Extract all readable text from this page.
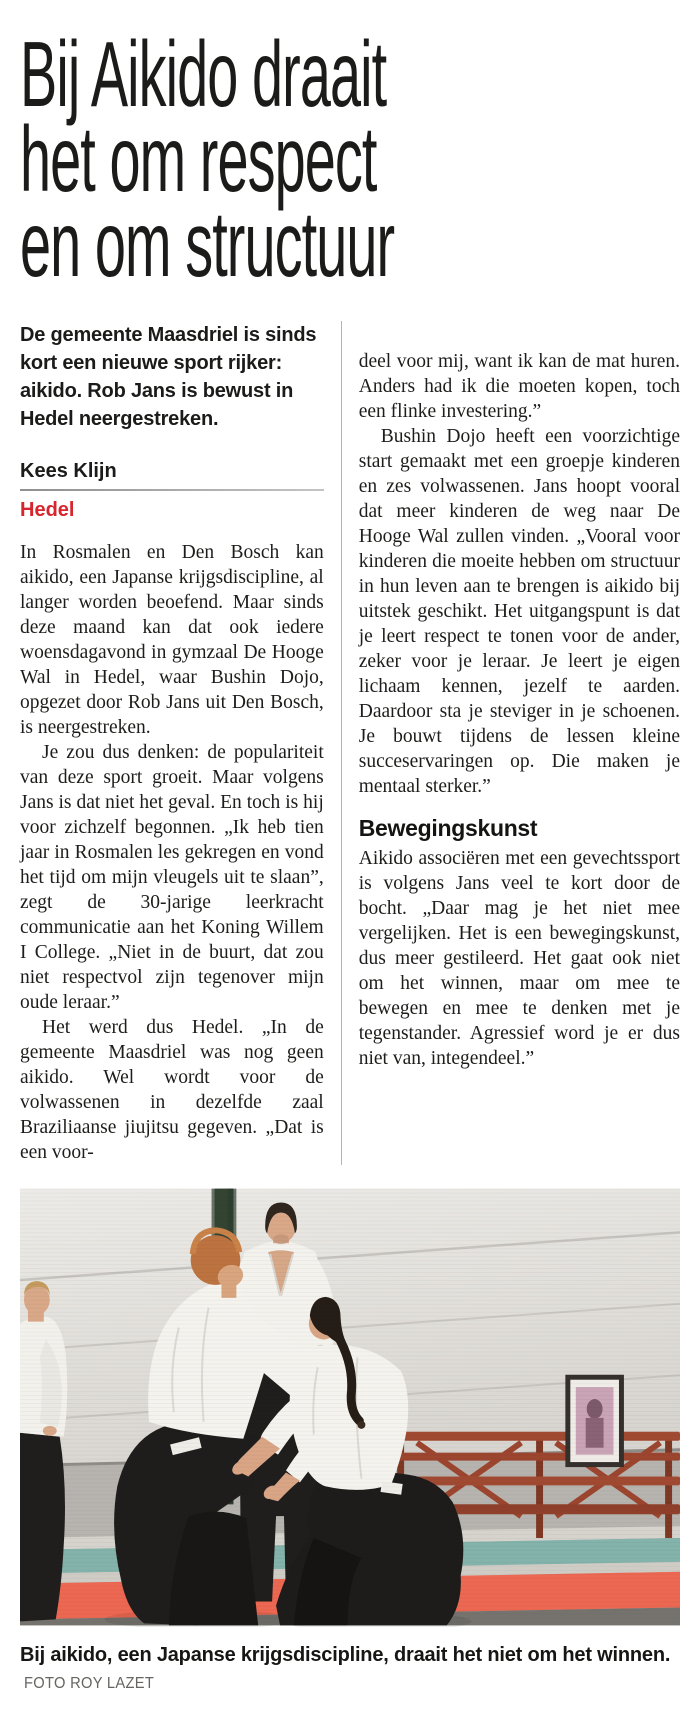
Bij Aikido draait
het om respect
en om structuur

De gemeente Maasdriel is sinds kort een nieuwe sport rijker: aikido. Rob Jans is bewust in Hedel neergestreken.

Kees Klijn
Hedel

In Rosmalen en Den Bosch kan aikido, een Japanse krijgsdiscipline, al langer worden beoefend. Maar sinds deze maand kan dat ook iedere woensdagavond in gymzaal De Hooge Wal in Hedel, waar Bushin Dojo, opgezet door Rob Jans uit Den Bosch, is neergestreken.

Je zou dus denken: de populariteit van deze sport groeit. Maar volgens Jans is dat niet het geval. En toch is hij voor zichzelf begonnen. „Ik heb tien jaar in Rosmalen les gekregen en vond het tijd om mijn vleugels uit te slaan”, zegt de 30-jarige leerkracht communicatie aan het Koning Willem I College. „Niet in de buurt, dat zou niet respectvol zijn tegenover mijn oude leraar.”

Het werd dus Hedel. „In de gemeente Maasdriel was nog geen aikido. Wel wordt voor de volwassenen in dezelfde zaal Braziliaanse jiujitsu gegeven. „Dat is een voor-

deel voor mij, want ik kan de mat huren. Anders had ik die moeten kopen, toch een flinke investering.”

Bushin Dojo heeft een voorzichtige start gemaakt met een groepje kinderen en zes volwassenen. Jans hoopt vooral dat meer kinderen de weg naar De Hooge Wal zullen vinden. „Vooral voor kinderen die moeite hebben om structuur in hun leven aan te brengen is aikido bij uitstek geschikt. Het uitgangspunt is dat je leert respect te tonen voor de ander, zeker voor je leraar. Je leert je eigen lichaam kennen, jezelf te aarden. Daardoor sta je steviger in je schoenen. Je bouwt tijdens de lessen kleine succeservaringen op. Die maken je mentaal sterker.”

Bewegingskunst

Aikido associëren met een gevechtssport is volgens Jans veel te kort door de bocht. „Daar mag je het niet mee vergelijken. Het is een bewegingskunst, dus meer gestileerd. Het gaat ook niet om het winnen, maar om mee te bewegen en mee te denken met je tegenstander. Agressief word je er dus niet van, integendeel.”

Bij aikido, een Japanse krijgsdiscipline, draait het niet om het winnen. FOTO ROY LAZET
